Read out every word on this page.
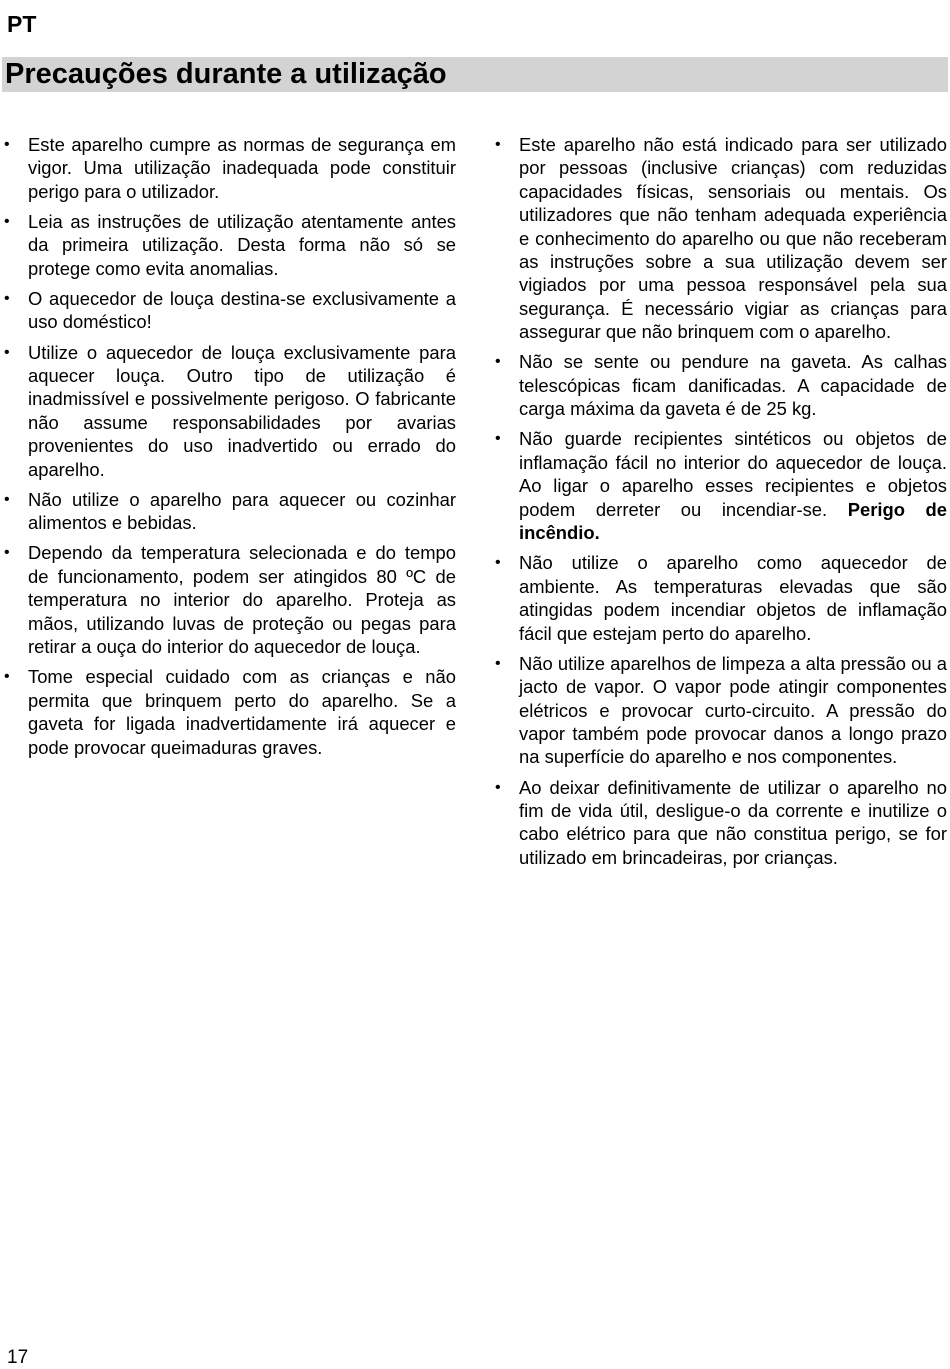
PT
Precauções durante a utilização
• Este aparelho cumpre as normas de segurança em vigor. Uma utilização inadequada pode constituir perigo para o utilizador.
• Leia as instruções de utilização atentamente antes da primeira utilização. Desta forma não só se protege como evita anomalias.
• O aquecedor de louça destina-se exclusivamente a uso doméstico!
• Utilize o aquecedor de louça exclusivamente para aquecer louça. Outro tipo de utilização é inadmissível e possivelmente perigoso. O fabricante não assume responsabilidades por avarias provenientes do uso inadvertido ou errado do aparelho.
• Não utilize o aparelho para aquecer ou cozinhar alimentos e bebidas.
• Dependo da temperatura selecionada e do tempo de funcionamento, podem ser atingidos 80 ºC de temperatura no interior do aparelho. Proteja as mãos, utilizando luvas de proteção ou pegas para retirar a ouça do interior do aquecedor de louça.
• Tome especial cuidado com as crianças e não permita que brinquem perto do aparelho. Se a gaveta for ligada inadvertidamente irá aquecer e pode provocar queimaduras graves.
• Este aparelho não está indicado para ser utilizado por pessoas (inclusive crianças) com reduzidas capacidades físicas, sensoriais ou mentais. Os utilizadores que não tenham adequada experiência e conhecimento do aparelho ou que não receberam as instruções sobre a sua utilização devem ser vigiados por uma pessoa responsável pela sua segurança. É necessário vigiar as crianças para assegurar que não brinquem com o aparelho.
• Não se sente ou pendure na gaveta. As calhas telescópicas ficam danificadas. A capacidade de carga máxima da gaveta é de 25 kg.
• Não guarde recipientes sintéticos ou objetos de inflamação fácil no interior do aquecedor de louça. Ao ligar o aparelho esses recipientes e objetos podem derreter ou incendiar-se. Perigo de incêndio.
• Não utilize o aparelho como aquecedor de ambiente. As temperaturas elevadas que são atingidas podem incendiar objetos de inflamação fácil que estejam perto do aparelho.
• Não utilize aparelhos de limpeza a alta pressão ou a jacto de vapor. O vapor pode atingir componentes elétricos e provocar curto-circuito. A pressão do vapor também pode provocar danos a longo prazo na superfície do aparelho e nos componentes.
• Ao deixar definitivamente de utilizar o aparelho no fim de vida útil, desligue-o da corrente e inutilize o cabo elétrico para que não constitua perigo, se for utilizado em brincadeiras, por crianças.
17
